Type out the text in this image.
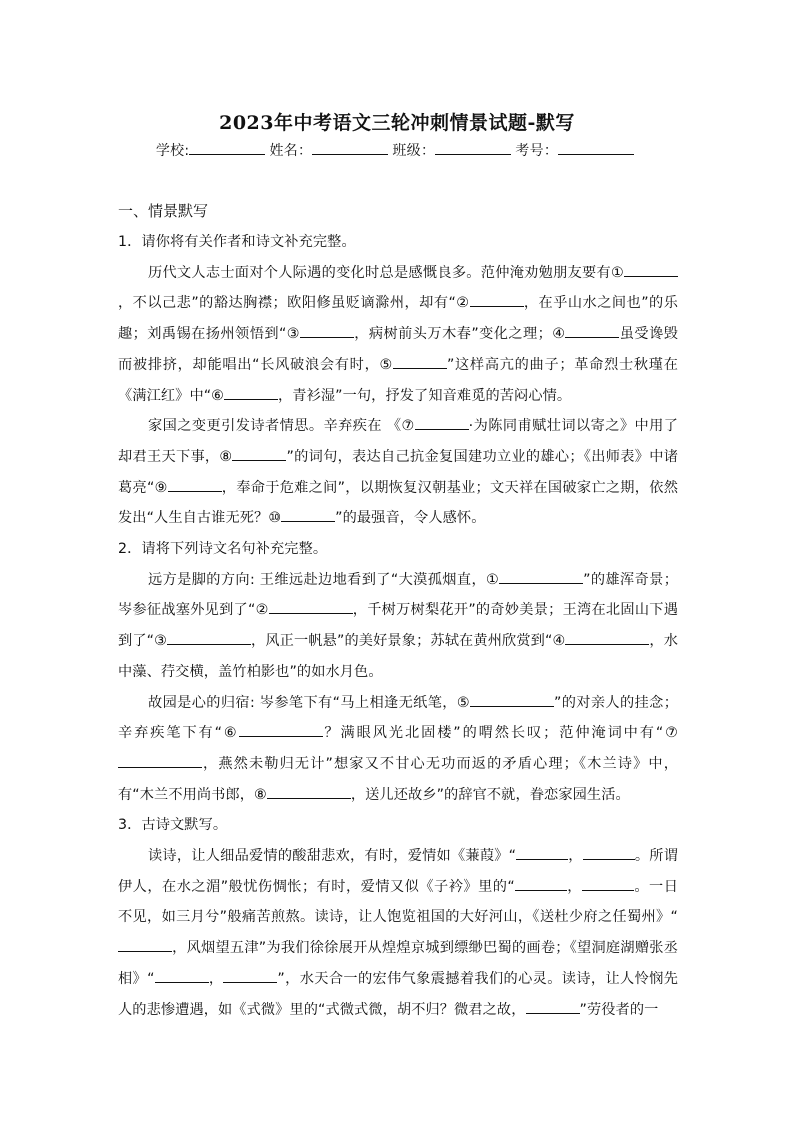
2023年中考语文三轮冲刺情景试题-默写
学校:	姓名：	班级：	考号：
一、情景默写

1．请你将有关作者和诗文补充完整。

历代文人志士面对个人际遇的变化时总是感慨良多。范仲淹劝勉朋友要有①，不以己悲”的豁达胸襟；欧阳修虽贬谪滁州，却有“②	，在乎山水之间也”的乐趣；刘禹锡在扬州领悟到“③	，病树前头万木春”变化之理；④	虽受谗毁而被排挤，却能唱出“长风破浪会有时，⑤	”这样高亢的曲子；革命烈士秋瑾在《满江红》中“⑥	，青衫湿”一句，抒发了知音难觅的苦闷心情。

家国之变更引发诗者情思。辛弃疾在 《⑦	·为陈同甫赋壮词以寄之》中用了却君王天下事，⑧	”的词句，表达自己抗金复国建功立业的雄心；《出师表》中诸葛亮“⑨	，奉命于危难之间”，以期恢复汉朝基业；文天祥在国破家亡之期，依然发出“人生自古谁无死？⑩	”的最强音，令人感怀。

2．请将下列诗文名句补充完整。

远方是脚的方向: 王维远赴边地看到了“大漠孤烟直，①	”的雄浑奇景；岑参征战塞外见到了“②	，千树万树梨花开”的奇妙美景；王湾在北固山下遇到了“③	，风正一帆悬”的美好景象；苏轼在黄州欣赏到“④	，水中藻、荇交横，盖竹柏影也”的如水月色。

故园是心的归宿: 岑参笔下有“马上相逢无纸笔，⑤	”的对亲人的挂念；辛弃疾笔下有“⑥	？满眼风光北固楼”的喟然长叹；范仲淹词中有“⑦，燕然未勒归无计”想家又不甘心无功而返的矛盾心理；《木兰诗》中，有“木兰不用尚书郎，⑧	，送儿还故乡”的辞官不就，眷恋家园生活。

3．古诗文默写。

读诗，让人细品爱情的酸甜悲欢，有时，爱情如《蒹葭》“	，	。所谓伊人，在水之湄”般忧伤惆怅；有时，爱情又似《子衿》里的“	，	。一日不见，如三月兮”般痛苦煎熬。读诗，让人饱览祖国的大好河山，《送杜少府之任蜀州》“，风烟望五津”为我们徐徐展开从煌煌京城到缥缈巴蜀的画卷；《望洞庭湖赠张丞相》“	，	”，水天合一的宏伟气象震撼着我们的心灵。读诗，让人怜悯先人的悲惨遭遇，如《式微》里的“式微式微，胡不归？微君之故，	”劳役者的一
